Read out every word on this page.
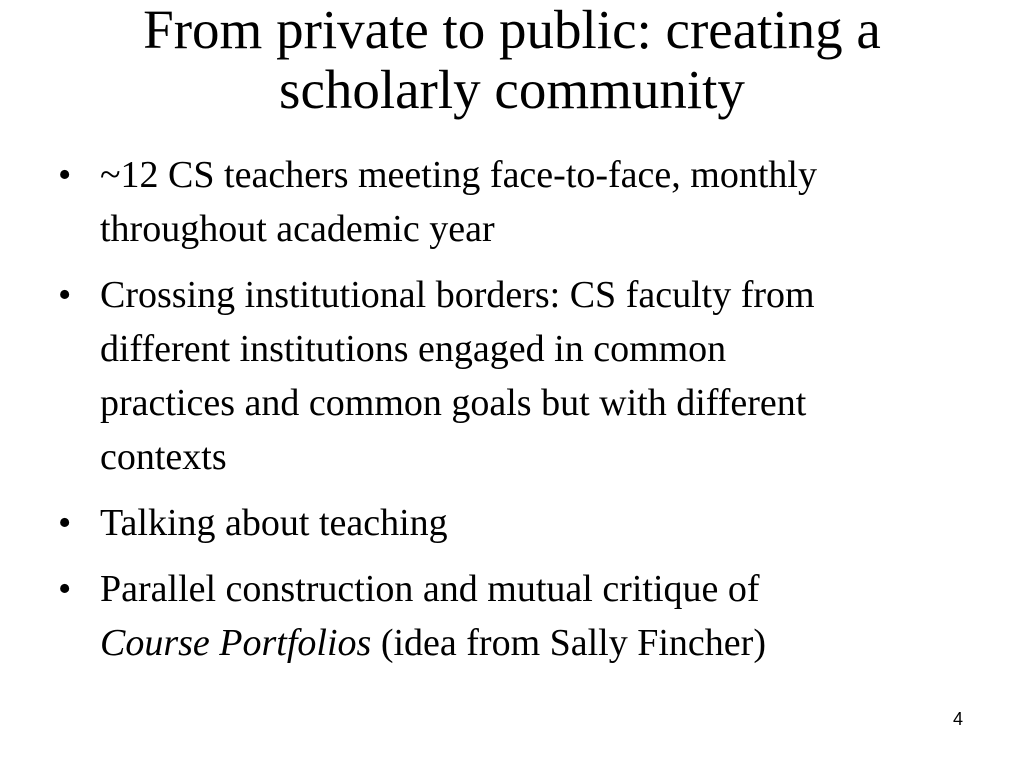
From private to public: creating a
scholarly community
• ~12 CS teachers meeting face-to-face, monthly
throughout academic year
• Crossing institutional borders: CS faculty from
different institutions engaged in common
practices and common goals but with different
contexts
• Talking about teaching
• Parallel construction and mutual critique of
Course Portfolios (idea from Sally Fincher)
4
